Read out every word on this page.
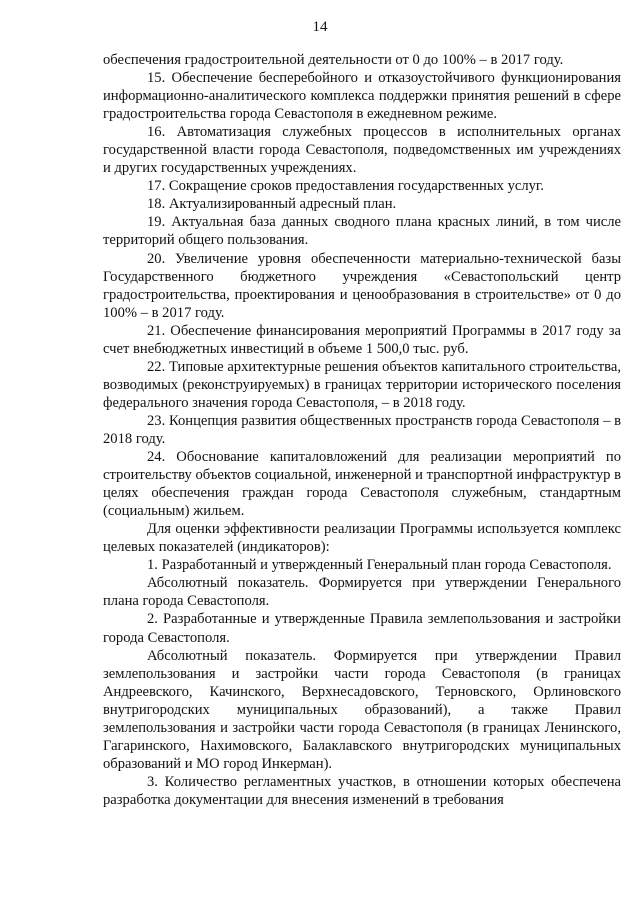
14

обеспечения градостроительной деятельности от 0 до 100% – в 2017 году.

15. Обеспечение бесперебойного и отказоустойчивого функционирования информационно-аналитического комплекса поддержки принятия решений в сфере градостроительства города Севастополя в ежедневном режиме.

16. Автоматизация служебных процессов в исполнительных органах государственной власти города Севастополя, подведомственных им учреждениях и других государственных учреждениях.

17. Сокращение сроков предоставления государственных услуг.

18. Актуализированный адресный план.

19. Актуальная база данных сводного плана красных линий, в том числе территорий общего пользования.

20. Увеличение уровня обеспеченности материально-технической базы Государственного бюджетного учреждения «Севастопольский центр градостроительства, проектирования и ценообразования в строительстве» от 0 до 100% – в 2017 году.

21. Обеспечение финансирования мероприятий Программы в 2017 году за счет внебюджетных инвестиций в объеме 1 500,0 тыс. руб.

22. Типовые архитектурные решения объектов капитального строительства, возводимых (реконструируемых) в границах территории исторического поселения федерального значения города Севастополя, – в 2018 году.

23. Концепция развития общественных пространств города Севастополя – в 2018 году.

24. Обоснование капиталовложений для реализации мероприятий по строительству объектов социальной, инженерной и транспортной инфраструктур в целях обеспечения граждан города Севастополя служебным, стандартным (социальным) жильем.

Для оценки эффективности реализации Программы используется комплекс целевых показателей (индикаторов):

1. Разработанный и утвержденный Генеральный план города Севастополя.

Абсолютный показатель. Формируется при утверждении Генерального плана города Севастополя.

2. Разработанные и утвержденные Правила землепользования и застройки города Севастополя.

Абсолютный показатель. Формируется при утверждении Правил землепользования и застройки части города Севастополя (в границах Андреевского, Качинского, Верхнесадовского, Терновского, Орлиновского внутригородских муниципальных образований), а также Правил землепользования и застройки части города Севастополя (в границах Ленинского, Гагаринского, Нахимовского, Балаклавского внутригородских муниципальных образований и МО город Инкерман).

3. Количество регламентных участков, в отношении которых обеспечена разработка документации для внесения изменений в требования
